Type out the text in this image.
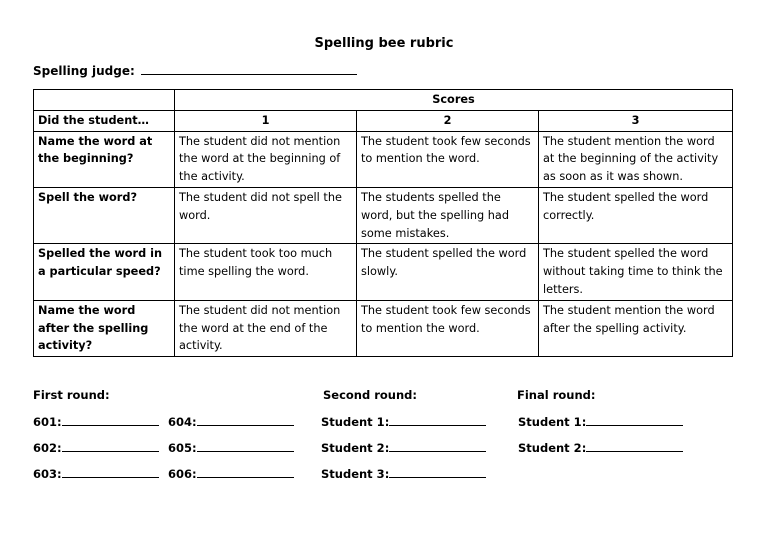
Spelling bee rubric
Spelling judge:
	Scores		
Did the student…	1	2	3
Name the word at the beginning?	The student did not mention the word at the beginning of the activity.	The student took few seconds to mention the word.	The student mention the word at the beginning of the activity as soon as it was shown.
Spell the word?	The student did not spell the word.	The students spelled the word, but the spelling had some mistakes.	The student spelled the word correctly.
Spelled the word in a particular speed?	The student took too much time spelling the word.	The student spelled the word slowly.	The student spelled the word without taking time to think the letters.
Name the word after the spelling activity?	The student did not mention the word at the end of the activity.	The student took few seconds to mention the word.	The student mention the word after the spelling activity.
First round:
601:
602:
603:
604:
605:
606:
Second round:
Student 1:
Student 2:
Student 3:
Final round:
Student 1:
Student 2:
